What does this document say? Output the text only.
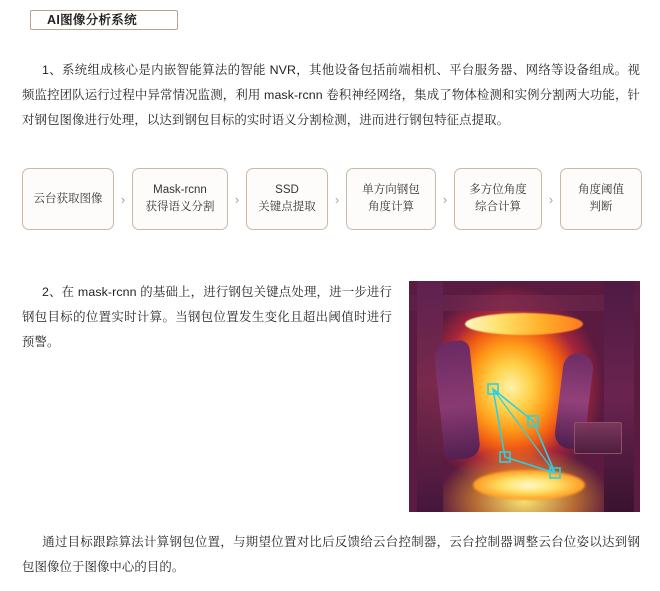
AI图像分析系统
1、系统组成核心是内嵌智能算法的智能 NVR，其他设备包括前端相机、平台服务器、网络等设备组成。视频监控团队运行过程中异常情况监测，利用 mask-rcnn 卷积神经网络，集成了物体检测和实例分割两大功能，针对钢包图像进行处理，以达到钢包目标的实时语义分割检测，进而进行钢包特征点提取。
云台获取图像 ›
Mask-rcnn
获得语义分割
›
SSD
关键点提取
›
单方向钢包
角度计算
›
多方位角度
综合计算
›
角度阈值
判断
2、在 mask-rcnn 的基础上，进行钢包关键点处理，进一步进行钢包目标的位置实时计算。当钢包位置发生变化且超出阈值时进行预警。
通过目标跟踪算法计算钢包位置，与期望位置对比后反馈给云台控制器，云台控制器调整云台位姿以达到钢包图像位于图像中心的目的。
